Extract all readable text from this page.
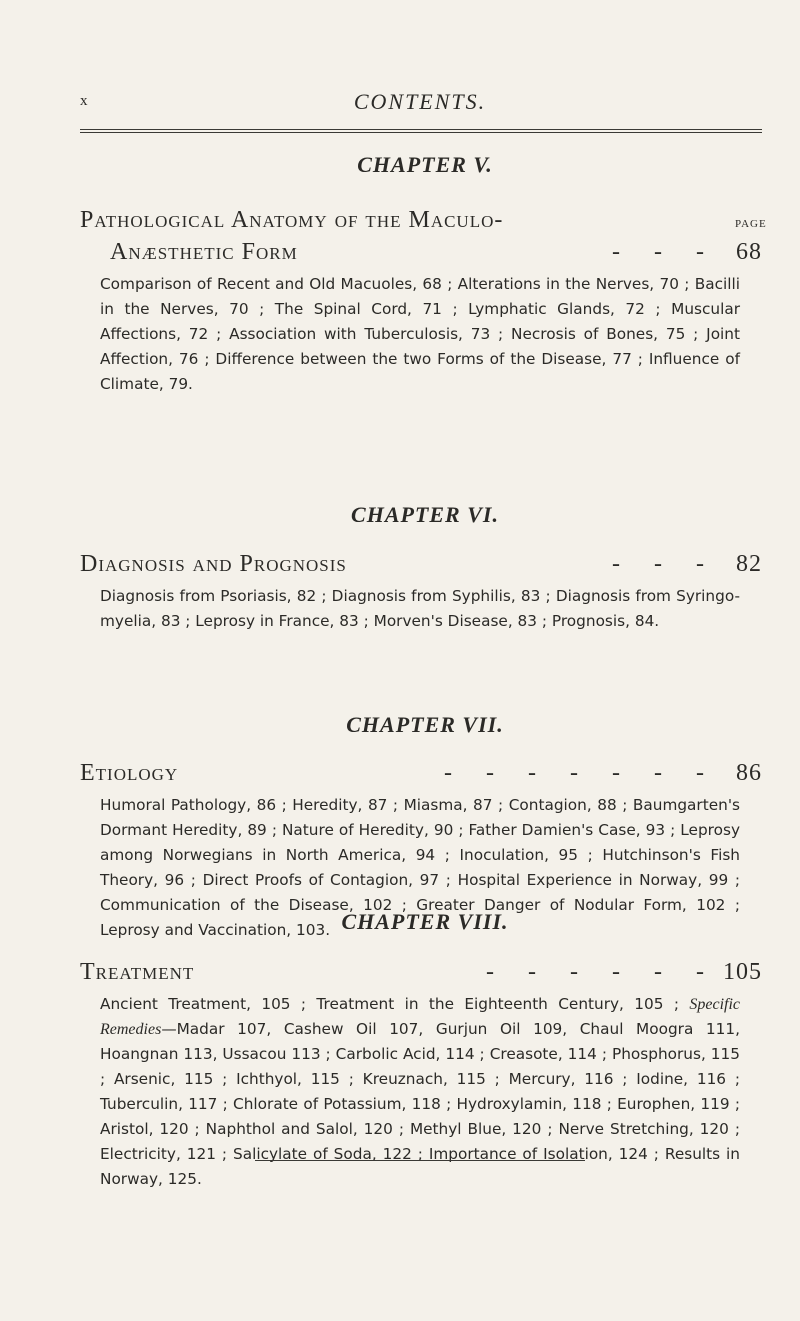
x	CONTENTS.
PAGE
CHAPTER V.
Pathological Anatomy of the Maculo-
Anæsthetic Form	- - - 68

Comparison of Recent and Old Macuoles, 68 ; Alterations in the Nerves, 70 ; Bacilli in the Nerves, 70 ; The Spinal Cord, 71 ; Lymphatic Glands, 72 ; Muscular Affections, 72 ; Association with Tuberculosis, 73 ; Necrosis of Bones, 75 ; Joint Affection, 76 ; Difference between the two Forms of the Disease, 77 ; Influence of Climate, 79.

CHAPTER VI.
Diagnosis and Prognosis	- - - 82

Diagnosis from Psoriasis, 82 ; Diagnosis from Syphilis, 83 ; Diagnosis from Syringo-myelia, 83 ; Leprosy in France, 83 ; Morven's Disease, 83 ; Prognosis, 84.

CHAPTER VII.
Etiology	- - - - - - - 86

Humoral Pathology, 86 ; Heredity, 87 ; Miasma, 87 ; Contagion, 88 ; Baumgarten's Dormant Heredity, 89 ; Nature of Heredity, 90 ; Father Damien's Case, 93 ; Leprosy among Norwegians in North America, 94 ; Inoculation, 95 ; Hutchinson's Fish Theory, 96 ; Direct Proofs of Contagion, 97 ; Hospital Experience in Norway, 99 ; Communication of the Disease, 102 ; Greater Danger of Nodular Form, 102 ; Leprosy and Vaccination, 103. CHAPTER VIII.
Treatment	- - - - - - 105

Ancient Treatment, 105 ; Treatment in the Eighteenth Century, 105 ; Specific Remedies—Madar 107, Cashew Oil 107, Gurjun Oil 109, Chaul Moogra 111, Hoangnan 113, Ussacou 113 ; Carbolic Acid, 114 ; Creasote, 114 ; Phosphorus, 115 ; Arsenic, 115 ; Ichthyol, 115 ; Kreuznach, 115 ; Mercury, 116 ; Iodine, 116 ; Tuberculin, 117 ; Chlorate of Potassium, 118 ; Hydroxylamin, 118 ; Europhen, 119 ; Aristol, 120 ; Naphthol and Salol, 120 ; Methyl Blue, 120 ; Nerve Stretching, 120 ; Electricity, 121 ; Salicylate of Soda, 122 ; Importance of Isolation, 124 ; Results in Norway, 125.
